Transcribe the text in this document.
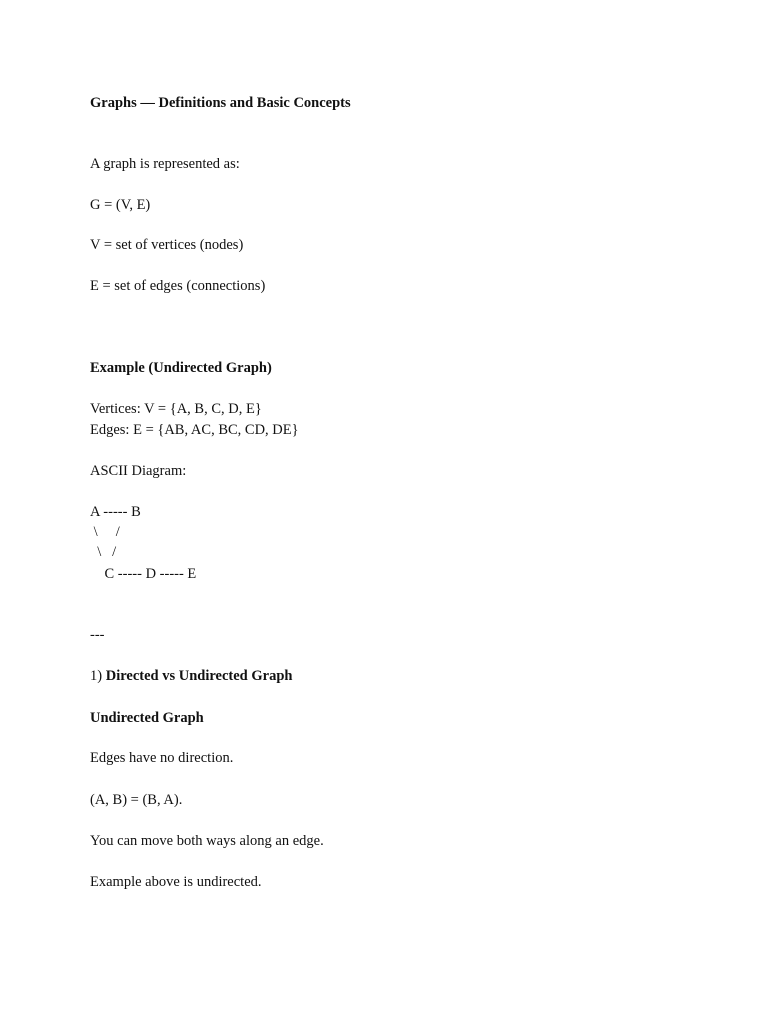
Graphs — Definitions and Basic Concepts
A graph is represented as:
G = (V, E)
V = set of vertices (nodes)
E = set of edges (connections)
Example (Undirected Graph)
Vertices: V = {A, B, C, D, E}
Edges: E = {AB, AC, BC, CD, DE}
ASCII Diagram:
A ----- B
\     /
\   /
C ----- D ----- E
---
1) Directed vs Undirected Graph
Undirected Graph
Edges have no direction.
(A, B) = (B, A).
You can move both ways along an edge.
Example above is undirected.
